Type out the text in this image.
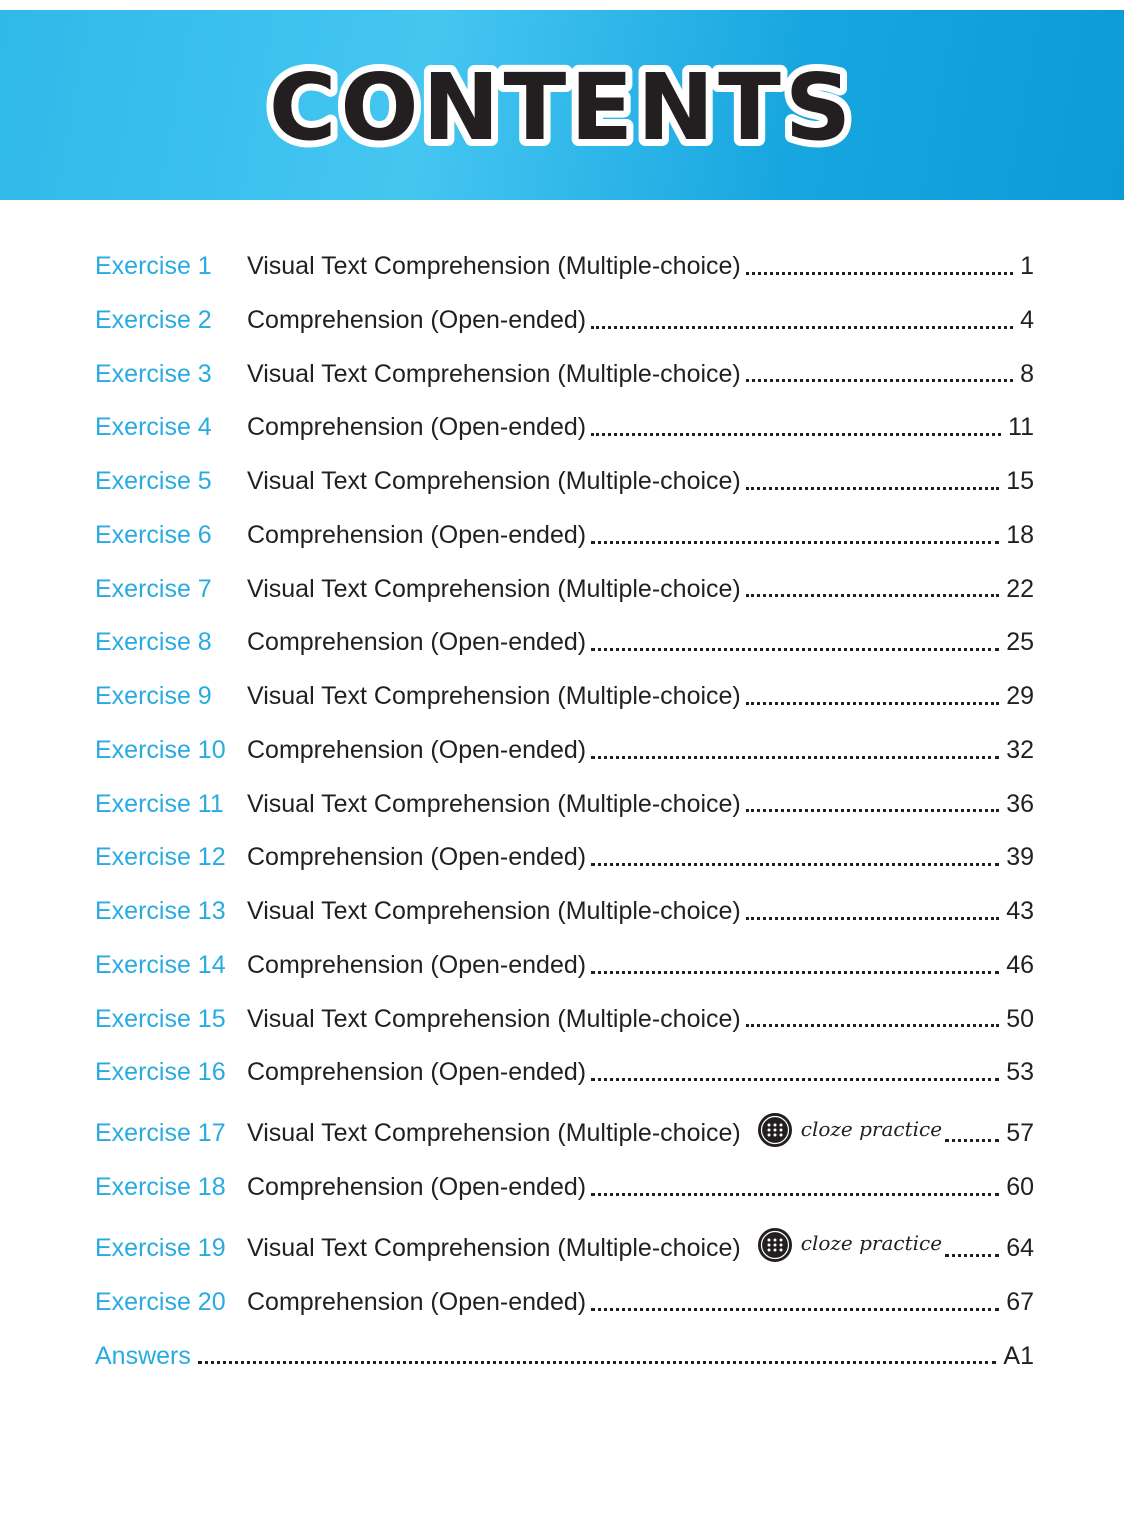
CONTENTS
Exercise 1	Visual Text Comprehension (Multiple-choice)	1
Exercise 2	Comprehension (Open-ended)	4
Exercise 3	Visual Text Comprehension (Multiple-choice)	8
Exercise 4	Comprehension (Open-ended)	11
Exercise 5	Visual Text Comprehension (Multiple-choice)	15
Exercise 6	Comprehension (Open-ended)	18
Exercise 7	Visual Text Comprehension (Multiple-choice)	22
Exercise 8	Comprehension (Open-ended)	25
Exercise 9	Visual Text Comprehension (Multiple-choice)	29
Exercise 10 Comprehension (Open-ended)	32
Exercise 11 Visual Text Comprehension (Multiple-choice)	36
Exercise 12 Comprehension (Open-ended)	39
Exercise 13 Visual Text Comprehension (Multiple-choice)	43
Exercise 14 Comprehension (Open-ended)	46
Exercise 15 Visual Text Comprehension (Multiple-choice)	50
Exercise 16 Comprehension (Open-ended)	53
Exercise 17 Visual Text Comprehension (Multiple-choice)	cloze practice	57
Exercise 18 Comprehension (Open-ended)	60
Exercise 19 Visual Text Comprehension (Multiple-choice)	cloze practice	64
Exercise 20 Comprehension (Open-ended)	67
Answers	A1
